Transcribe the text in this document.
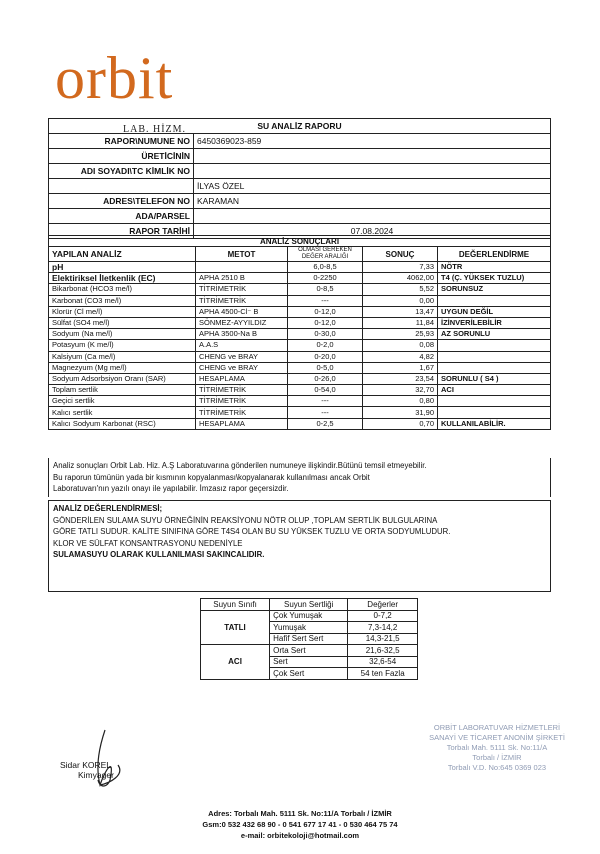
orbit
LAB. HİZM.	SU ANALİZ RAPORU	
RAPOR\NUMUNE NO	6450369023-859
ÜRETİCİNİN	
ADI SOYADI\TC KİMLİK NO	
	İLYAS ÖZEL
ADRES\TELEFON NO	KARAMAN
ADA/PARSEL	
RAPOR TARİHİ	07.08.2024
ANALİZ SONUÇLARI				
YAPILAN ANALİZ	METOT	OLMASI GEREKEN DEĞER ARALIĞI	SONUÇ	DEĞERLENDİRME
pH		6,0-8,5	7,33	NÖTR
Elektiriksel İletkenlik (EC)	APHA 2510 B	0-2250	4062,00	T4 (Ç. YÜKSEK TUZLU)
Bikarbonat (HCO3 me/l)	TİTRİMETRİK	0-8,5	5,52	SORUNSUZ
Karbonat (CO3 me/l)	TİTRİMETRİK	---	0,00	
Klorür (Cl me/l)	APHA 4500-Cl⁻ B	0-12,0	13,47	UYGUN DEĞİL
Sülfat (SO4 me/l)	SÖNMEZ-AYYILDIZ	0-12,0	11,84	İZİNVERİLEBİLİR
Sodyum (Na me/l)	APHA 3500-Na B	0-30,0	25,93	AZ SORUNLU
Potasyum (K me/l)	A.A.S	0-2,0	0,08	
Kalsiyum (Ca me/l)	CHENG ve BRAY	0-20,0	4,82	
Magnezyum (Mg me/l)	CHENG ve BRAY	0-5,0	1,67	
Sodyum Adsorbsiyon Oranı (SAR)	HESAPLAMA	0-26,0	23,54	SORUNLU ( S4 )
Toplam sertlik	TİTRİMETRİK	0-54,0	32,70	ACI
Geçici sertlik	TİTRİMETRİK	---	0,80	
Kalıcı sertlik	TİTRİMETRİK	---	31,90	
Kalıcı Sodyum Karbonat (RSC)	HESAPLAMA	0-2,5	0,70	KULLANILABİLİR.
Analiz sonuçları Orbit Lab. Hiz. A.Ş Laboratuvarına gönderilen numuneye ilişkindir.Bütünü temsil etmeyebilir.
Bu raporun tümünün yada bir kısmının kopyalanması\kopyalanarak kullanılması ancak Orbit
Laboratuvarı'nın yazılı onayı ile yapılabilir. İmzasız rapor geçersizdir.
ANALİZ DEĞERLENDİRMESİ;
GÖNDERİLEN SULAMA SUYU ÖRNEĞİNİN REAKSİYONU NÖTR OLUP ,TOPLAM SERTLİK BULGULARINA
GÖRE TATLI SUDUR. KALİTE SINIFINA GÖRE T4S4 OLAN BU SU YÜKSEK TUZLU VE ORTA SODYUMLUDUR.
KLOR VE SÜLFAT KONSANTRASYONU NEDENİYLE
SULAMASUYU OLARAK KULLANILMASI SAKINCALIDIR.
Suyun Sınıfı	Suyun Sertliği	Değerler
TATLI	Çok Yumuşak	0-7,2
	Yumuşak	7,3-14,2
	Hafif Sert Sert	14,3-21,5
ACI	Orta Sert	21,6-32,5
	Sert	32,6-54
	Çok Sert	54 ten Fazla
Sidar KOREL
Kimyager
ORBİT LABORATUVAR HİZMETLERİ
SANAYİ VE TİCARET ANONİM ŞİRKETİ
Torbalı Mah. 5111 Sk. No:11/A
Torbalı / İZMİR
Torbalı V.D. No:645 0369 023
Adres: Torbalı Mah. 5111 Sk. No:11/A Torbalı / İZMİR
Gsm:0 532 432 68 90 - 0 541 677 17 41 - 0 530 464 75 74
e-mail: orbitekoloji@hotmail.com
